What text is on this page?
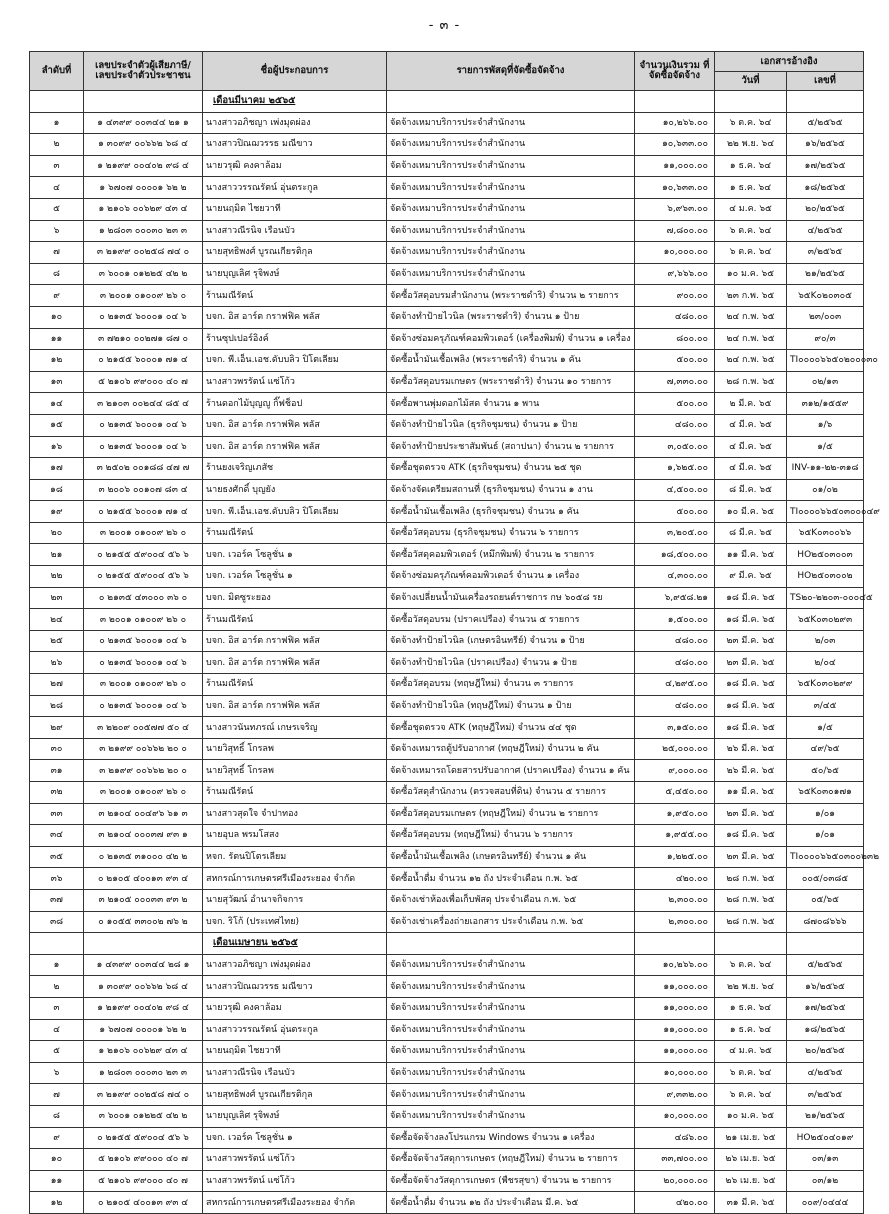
- ๓ -
ลำดับที่	เลขประจำตัวผู้เสียภาษี/ เลขประจำตัวประชาชน	ชื่อผู้ประกอบการ	รายการพัสดุที่จัดซื้อจัดจ้าง	จำนวนเงินรวม ที่จัดซื้อจัดจ้าง	เอกสารอ้างอิง	
					วันที่	เลขที่
		เดือนมีนาคม ๒๕๖๕				
๑	๑ ๔๓๙๙ ๐๐๓๔๔ ๒๑ ๑	นางสาวอภิชญา เพ่งมุดผ่อง	จัดจ้างเหมาบริการประจำสำนักงาน	๑๐,๒๖๖.๐๐	๖ ต.ค. ๖๔	๕/๒๕๖๕
๒	๑ ๓๐๙๙ ๐๐๖๖๒ ๖๘ ๔	นางสาวปิณฌวรรธ มณีขาว	จัดจ้างเหมาบริการประจำสำนักงาน	๑๐,๖๓๓.๐๐	๒๒ พ.ย. ๖๔	๑๖/๒๕๖๕
๓	๑ ๒๑๙๙ ๐๐๔๐๒ ๙๘ ๔	นายวรุฒิ คงคาล้อม	จัดจ้างเหมาบริการประจำสำนักงาน	๑๑,๐๐๐.๐๐	๑ ธ.ค. ๖๔	๑๗/๒๕๖๕
๔	๑ ๖๗๐๗ ๐๐๐๐๑ ๖๒ ๒	นางสาววรรณรัตน์ อุ่นตระกูล	จัดจ้างเหมาบริการประจำสำนักงาน	๑๐,๖๓๓.๐๐	๑ ธ.ค. ๖๔	๑๘/๒๕๖๕
๕	๑ ๒๑๐๖ ๐๐๖๒๙ ๔๓ ๔	นายนฤมิต ไชยวาที	จัดจ้างเหมาบริการประจำสำนักงาน	๖,๙๖๓.๐๐	๔ ม.ค. ๖๕	๒๐/๒๕๖๕
๖	๑ ๒๘๐๓ ๐๐๐๓๐ ๒๓ ๓	นางสาวณีรนิจ เรือนบัว	จัดจ้างเหมาบริการประจำสำนักงาน	๗,๘๐๐.๐๐	๖ ต.ค. ๖๔	๔/๒๕๖๕
๗	๓ ๒๑๙๙ ๐๐๒๕๘ ๗๔ ๐	นายสุทธิพงศ์ บูรณเกียรติกุล	จัดจ้างเหมาบริการประจำสำนักงาน	๑๐,๐๐๐.๐๐	๖ ต.ค. ๖๔	๓/๒๕๖๕
๘	๓ ๖๐๐๑ ๐๑๒๒๕ ๔๒ ๒	นายบุญเลิศ รุจิพงษ์	จัดจ้างเหมาบริการประจำสำนักงาน	๙,๖๖๖.๐๐	๑๐ ม.ค. ๖๕	๒๑/๒๕๖๕
๙	๓ ๒๐๐๑ ๐๑๐๐๙ ๒๖ ๐	ร้านมณีรัตน์	จัดซื้อวัสดุอบรมสำนักงาน (พระราชดำริ) จำนวน ๒ รายการ	๙๐๐.๐๐	๒๓ ก.พ. ๖๕	๖๕K๐๒๐๓๐๕
๑๐	๐ ๒๑๓๕ ๖๐๐๐๑ ๐๔ ๖	บจก. อิส อาร์ต กราฟฟิค พลัส	จัดจ้างทำป้ายไวนิล (พระราชดำริ) จำนวน ๑ ป้าย	๔๘๐.๐๐	๒๔ ก.พ. ๖๕	๒๓/๐๐๓
๑๑	๓ ๗๒๑๐ ๐๐๒๗๑ ๘๗ ๐	ร้านซุปเปอร์อิงค์	จัดจ้างซ่อมครุภัณฑ์คอมพิวเตอร์ (เครื่องพิมพ์) จำนวน ๑ เครื่อง	๘๐๐.๐๐	๒๔ ก.พ. ๖๕	๙๐/๓
๑๒	๐ ๒๑๕๕ ๖๐๐๐๑ ๗๑ ๔	บจก. พี.เอ็น.เอช.ดับบลิว ปิโตเลียม	จัดซื้อน้ำมันเชื้อเพลิง (พระราชดำริ) จำนวน ๑ คัน	๕๐๐.๐๐	๒๔ ก.พ. ๖๕	TI๐๐๐๐๖๖๕๐๒๐๐๐๓๐
๑๓	๕ ๒๑๐๖ ๙๙๐๐๐ ๔๐ ๗	นางสาวพรรัตน์ แซ่โก้ว	จัดซื้อวัสดุอบรมเกษตร (พระราชดำริ) จำนวน ๑๐ รายการ	๗,๓๓๐.๐๐	๒๘ ก.พ. ๖๕	๐๒/๑๓
๑๔	๓ ๒๑๐๓ ๐๐๒๔๔ ๘๕ ๔	ร้านดอกไม้บุญญู กิ๊ฟช็อป	จัดซื้อพานพุ่มดอกไม้สด จำนวน ๑ พาน	๕๐๐.๐๐	๒ มี.ค. ๖๕	๓๑๒/๑๕๕๙
๑๕	๐ ๒๑๓๕ ๖๐๐๐๑ ๐๔ ๖	บจก. อิส อาร์ต กราฟฟิค พลัส	จัดจ้างทำป้ายไวนิล (ธุรกิจชุมชน) จำนวน ๑ ป้าย	๔๘๐.๐๐	๔ มี.ค. ๖๕	๑/๖
๑๖	๐ ๒๑๓๕ ๖๐๐๐๑ ๐๔ ๖	บจก. อิส อาร์ต กราฟฟิค พลัส	จัดจ้างทำป้ายประชาสัมพันธ์ (สถาปนา) จำนวน ๒ รายการ	๓,๐๕๐.๐๐	๔ มี.ค. ๖๕	๑/๕
๑๗	๓ ๒๕๐๒ ๐๐๑๘๘ ๔๗ ๗	ร้านยงเจริญเภสัช	จัดซื้อชุดตรวจ ATK (ธุรกิจชุมชน) จำนวน ๒๕ ชุด	๑,๖๒๕.๐๐	๔ มี.ค. ๖๕	INV-๑๑-๒๒-๓๑๘
๑๘	๓ ๒๐๐๖ ๐๐๑๐๗ ๘๓ ๔	นายธงศักดิ์ บุญยัง	จัดจ้างจัดเตรียมสถานที่ (ธุรกิจชุมชน) จำนวน ๑ งาน	๔,๕๐๐.๐๐	๘ มี.ค. ๖๕	๐๑/๐๒
๑๙	๐ ๒๑๕๕ ๖๐๐๐๑ ๗๑ ๔	บจก. พี.เอ็น.เอช.ดับบลิว ปิโตเลียม	จัดซื้อน้ำมันเชื้อเพลิง (ธุรกิจชุมชน) จำนวน ๑ คัน	๕๐๐.๐๐	๑๐ มี.ค. ๖๕	TI๐๐๐๐๖๖๕๐๓๐๐๐๔๙
๒๐	๓ ๒๐๐๑ ๐๑๐๐๙ ๒๖ ๐	ร้านมณีรัตน์	จัดซื้อวัสดุอบรม (ธุรกิจชุมชน) จำนวน ๖ รายการ	๓,๒๐๕.๐๐	๘ มี.ค. ๖๕	๖๕K๐๓๐๐๖๖
๒๑	๐ ๒๑๕๕ ๕๙๐๐๔ ๕๖ ๖	บจก. เวอร์ค โซลูชั่น ๑	จัดซื้อวัสดุคอมพิวเตอร์ (หมึกพิมพ์) จำนวน ๒ รายการ	๑๘,๕๐๐.๐๐	๑๑ มี.ค. ๖๕	HO๒๕๐๓๐๐๓
๒๒	๐ ๒๑๕๕ ๕๙๐๐๔ ๕๖ ๖	บจก. เวอร์ค โซลูชั่น ๑	จัดจ้างซ่อมครุภัณฑ์คอมพิวเตอร์ จำนวน ๑ เครื่อง	๔,๓๐๐.๐๐	๙ มี.ค. ๖๕	HO๒๕๐๓๐๐๒
๒๓	๐ ๒๑๓๕ ๔๓๐๐๐ ๓๖ ๐	บจก. มิตซูระยอง	จัดจ้างเปลี่ยนน้ำมันเครื่องรถยนต์ราชการ กษ ๖๐๕๘ รย	๖,๙๕๘.๒๑	๑๘ มี.ค. ๖๕	TS๒๐-๒๒๐๓-๐๐๐๔๕
๒๔	๓ ๒๐๐๑ ๐๑๐๐๙ ๒๖ ๐	ร้านมณีรัตน์	จัดซื้อวัสดุอบรม (ปราคเปรือง) จำนวน ๕ รายการ	๑,๕๐๐.๐๐	๑๘ มี.ค. ๖๕	๖๕K๐๓๐๒๙๓
๒๕	๐ ๒๑๓๕ ๖๐๐๐๑ ๐๔ ๖	บจก. อิส อาร์ต กราฟฟิค พลัส	จัดจ้างทำป้ายไวนิล (เกษตรอินทรีย์) จำนวน ๑ ป้าย	๔๘๐.๐๐	๒๓ มี.ค. ๖๕	๒/๐๓
๒๖	๐ ๒๑๓๕ ๖๐๐๐๑ ๐๔ ๖	บจก. อิส อาร์ต กราฟฟิค พลัส	จัดจ้างทำป้ายไวนิล (ปราคเปรือง) จำนวน ๑ ป้าย	๔๘๐.๐๐	๒๓ มี.ค. ๖๕	๒/๐๔
๒๗	๓ ๒๐๐๑ ๐๑๐๐๙ ๒๖ ๐	ร้านมณีรัตน์	จัดซื้อวัสดุอบรม (ทฤษฎีใหม่) จำนวน ๓ รายการ	๔,๒๙๕.๐๐	๑๘ มี.ค. ๖๕	๖๕K๐๓๐๒๙๙
๒๘	๐ ๒๑๓๕ ๖๐๐๐๑ ๐๔ ๖	บจก. อิส อาร์ต กราฟฟิค พลัส	จัดจ้างทำป้ายไวนิล (ทฤษฎีใหม่) จำนวน ๑ ป้าย	๔๘๐.๐๐	๑๘ มี.ค. ๖๕	๓/๔๕
๒๙	๓ ๒๒๐๙ ๐๐๕๗๗ ๕๐ ๔	นางสาวนันทภรณ์ เกษรเจริญ	จัดซื้อชุดตรวจ ATK (ทฤษฎีใหม่) จำนวน ๔๔ ชุด	๓,๑๕๐.๐๐	๑๘ มี.ค. ๖๕	๑/๕
๓๐	๓ ๒๑๙๙ ๐๐๖๖๒ ๒๐ ๐	นายวิสุทธิ์ โกรลพ	จัดจ้างเหมารถตู้ปรับอากาศ (ทฤษฎีใหม่) จำนวน ๒ คัน	๒๕,๐๐๐.๐๐	๒๖ มี.ค. ๖๕	๔๙/๖๕
๓๑	๓ ๒๑๙๙ ๐๐๖๖๒ ๒๐ ๐	นายวิสุทธิ์ โกรลพ	จัดจ้างเหมารถโดยสารปรับอากาศ (ปราคเปรือง) จำนวน ๑ คัน	๙,๐๐๐.๐๐	๒๖ มี.ค. ๖๕	๕๐/๖๕
๓๒	๓ ๒๐๐๑ ๐๑๐๐๙ ๒๖ ๐	ร้านมณีรัตน์	จัดซื้อวัสดุสำนักงาน (ตรวจสอบที่ดิน) จำนวน ๕ รายการ	๕,๔๕๐.๐๐	๑๑ มี.ค. ๖๕	๖๕K๐๓๐๑๗๑
๓๓	๓ ๒๑๐๔ ๐๐๔๙๖ ๖๑ ๓	นางสาวสุดใจ จำปาทอง	จัดซื้อวัสดุอบรมเกษตร (ทฤษฎีใหม่) จำนวน ๒ รายการ	๑,๙๕๐.๐๐	๒๓ มี.ค. ๖๕	๑/๐๑
๓๔	๓ ๒๑๐๔ ๐๐๐๓๗ ๙๓ ๑	นายอุบล พรมโสสง	จัดซื้อวัสดุอบรม (ทฤษฎีใหม่) จำนวน ๖ รายการ	๑,๙๕๕.๐๐	๑๘ มี.ค. ๖๕	๑/๐๑
๓๕	๐ ๒๑๓๕ ๓๑๐๐๐ ๔๒ ๒	หจก. รัตนปิโตรเลียม	จัดซื้อน้ำมันเชื้อเพลิง (เกษตรอินทรีย์) จำนวน ๑ คัน	๑,๒๒๕.๐๐	๒๓ มี.ค. ๖๕	TI๐๐๐๐๖๖๕๐๓๐๐๒๓๒
๓๖	๐ ๒๑๐๕ ๔๐๐๑๓ ๙๓ ๔	สหกรณ์การเกษตรศรีเมืองระยอง จำกัด	จัดซื้อน้ำดื่ม จำนวน ๑๒ ถัง ประจำเดือน ก.พ. ๖๕	๔๒๐.๐๐	๒๘ ก.พ. ๖๕	๐๐๕/๐๓๘๕
๓๗	๓ ๒๑๐๕ ๐๐๐๓๓ ๙๓ ๒	นายสุวัฒน์ อำนาจกิจการ	จัดจ้างเช่าห้องเพื่อเก็บพัสดุ ประจำเดือน ก.พ. ๖๕	๒,๓๐๐.๐๐	๒๘ ก.พ. ๖๕	๐๕/๖๕
๓๘	๐ ๑๐๕๕ ๓๓๐๐๒ ๗๖ ๒	บจก. ริโก้ (ประเทศไทย)	จัดจ้างเช่าเครื่องถ่ายเอกสาร ประจำเดือน ก.พ. ๖๕	๒,๓๐๐.๐๐	๒๘ ก.พ. ๖๕	๘๗๐๘๖๖๖
		เดือนเมษายน ๒๕๖๕				
๑	๑ ๔๓๙๙ ๐๐๓๔๔ ๒๘ ๑	นางสาวอภิชญา เพ่งมุดผ่อง	จัดจ้างเหมาบริการประจำสำนักงาน	๑๐,๒๖๖.๐๐	๖ ต.ค. ๖๔	๕/๒๕๖๕
๒	๑ ๓๐๙๙ ๐๐๖๖๒ ๖๘ ๔	นางสาวปิณฌวรรธ มณีขาว	จัดจ้างเหมาบริการประจำสำนักงาน	๑๑,๐๐๐.๐๐	๒๒ พ.ย. ๖๔	๑๖/๒๕๖๕
๓	๑ ๒๑๙๙ ๐๐๔๐๒ ๙๘ ๔	นายวรุฒิ คงคาล้อม	จัดจ้างเหมาบริการประจำสำนักงาน	๑๑,๐๐๐.๐๐	๑ ธ.ค. ๖๔	๑๗/๒๕๖๕
๔	๑ ๖๗๐๗ ๐๐๐๐๑ ๖๒ ๒	นางสาววรรณรัตน์ อุ่นตระกูล	จัดจ้างเหมาบริการประจำสำนักงาน	๑๑,๐๐๐.๐๐	๑ ธ.ค. ๖๔	๑๘/๒๕๖๕
๕	๑ ๒๑๐๖ ๐๐๖๒๙ ๔๓ ๔	นายนฤมิต ไชยวาที	จัดจ้างเหมาบริการประจำสำนักงาน	๑๑,๐๐๐.๐๐	๔ ม.ค. ๖๕	๒๐/๒๕๖๕
๖	๑ ๒๘๐๓ ๐๐๐๓๐ ๒๓ ๓	นางสาวณีรนิจ เรือนบัว	จัดจ้างเหมาบริการประจำสำนักงาน	๑๐,๐๐๐.๐๐	๖ ต.ค. ๖๔	๔/๒๕๖๕
๗	๓ ๒๑๙๙ ๐๐๒๕๘ ๗๔ ๐	นายสุทธิพงศ์ บูรณเกียรติกุล	จัดจ้างเหมาบริการประจำสำนักงาน	๙,๓๓๒.๐๐	๖ ต.ค. ๖๔	๓/๒๕๖๕
๘	๓ ๖๐๐๑ ๐๑๒๒๕ ๔๒ ๒	นายบุญเลิศ รุจิพงษ์	จัดจ้างเหมาบริการประจำสำนักงาน	๑๐,๐๐๐.๐๐	๑๐ ม.ค. ๖๕	๒๑/๒๕๖๕
๙	๐ ๒๑๕๕ ๕๙๐๐๔ ๕๖ ๖	บจก. เวอร์ค โซลูชั่น ๑	จัดซื้อจัดจ้างลงโปรแกรม Windows จำนวน ๑ เครื่อง	๔๘๖.๐๐	๒๑ เม.ย. ๖๕	HO๒๕๐๔๐๑๙
๑๐	๕ ๒๑๐๖ ๙๙๐๐๐ ๔๐ ๗	นางสาวพรรัตน์ แซ่โก้ว	จัดซื้อจัดจ้างวัสดุการเกษตร (ทฤษฎีใหม่) จำนวน ๒ รายการ	๓๓,๗๐๐.๐๐	๒๖ เม.ย. ๖๕	๐๓/๑๓
๑๑	๕ ๒๑๐๖ ๙๙๐๐๐ ๔๐ ๗	นางสาวพรรัตน์ แซ่โก้ว	จัดซื้อจัดจ้างวัสดุการเกษตร (พืชรสุขา) จำนวน ๒ รายการ	๒๐,๐๐๐.๐๐	๒๖ เม.ย. ๖๕	๐๓/๑๒
๑๒	๐ ๒๑๐๕ ๔๐๐๑๓ ๙๓ ๔	สหกรณ์การเกษตรศรีเมืองระยอง จำกัด	จัดซื้อน้ำดื่ม จำนวน ๑๒ ถัง ประจำเดือน มี.ค. ๖๕	๔๒๐.๐๐	๓๑ มี.ค. ๖๕	๐๐๙/๐๔๔๔
